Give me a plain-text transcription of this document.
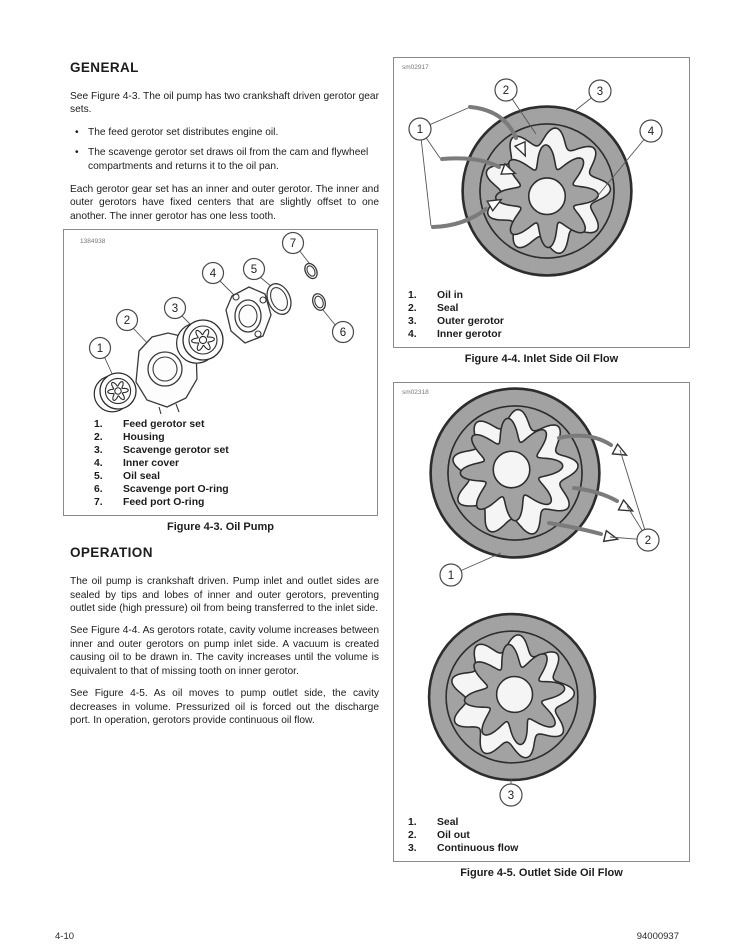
GENERAL

See Figure 4-3. The oil pump has two crankshaft driven gerotor gear sets.

• The feed gerotor set distributes engine oil.
• The scavenge gerotor set draws oil from the cam and flywheel compartments and returns it to the oil pan.

Each gerotor gear set has an inner and outer gerotor. The inner and outer gerotors have fixed centers that are slightly offset to one another. The inner gerotor has one less tooth.

1384938
1
2
3
4	5
6
7
1.	Feed gerotor set
2.	Housing
3.	Scavenge gerotor set
4.	Inner cover
5.	Oil seal
6.	Scavenge port O-ring
7.	Feed port O-ring
Figure 4-3. Oil Pump
OPERATION

The oil pump is crankshaft driven. Pump inlet and outlet sides are sealed by tips and lobes of inner and outer gerotors, preventing outlet side (high pressure) oil from being transferred to the inlet side.

See Figure 4-4. As gerotors rotate, cavity volume increases between inner and outer gerotors on pump inlet side. A vacuum is created causing oil to be drawn in. The cavity increases until the volume is equivalent to that of missing tooth on inner gerotor.

See Figure 4-5. As oil moves to pump outlet side, the cavity decreases in volume. Pressurized oil is forced out the discharge port. In operation, gerotors provide continuous oil flow.

sm02917
1
2	3
4
1.	Oil in
2.	Seal
3.	Outer gerotor
4.	Inner gerotor
Figure 4-4. Inlet Side Oil Flow
sm02318
1
2
3
1.	Seal
2.	Oil out
3.	Continuous flow
Figure 4-5. Outlet Side Oil Flow
4-10	94000937
